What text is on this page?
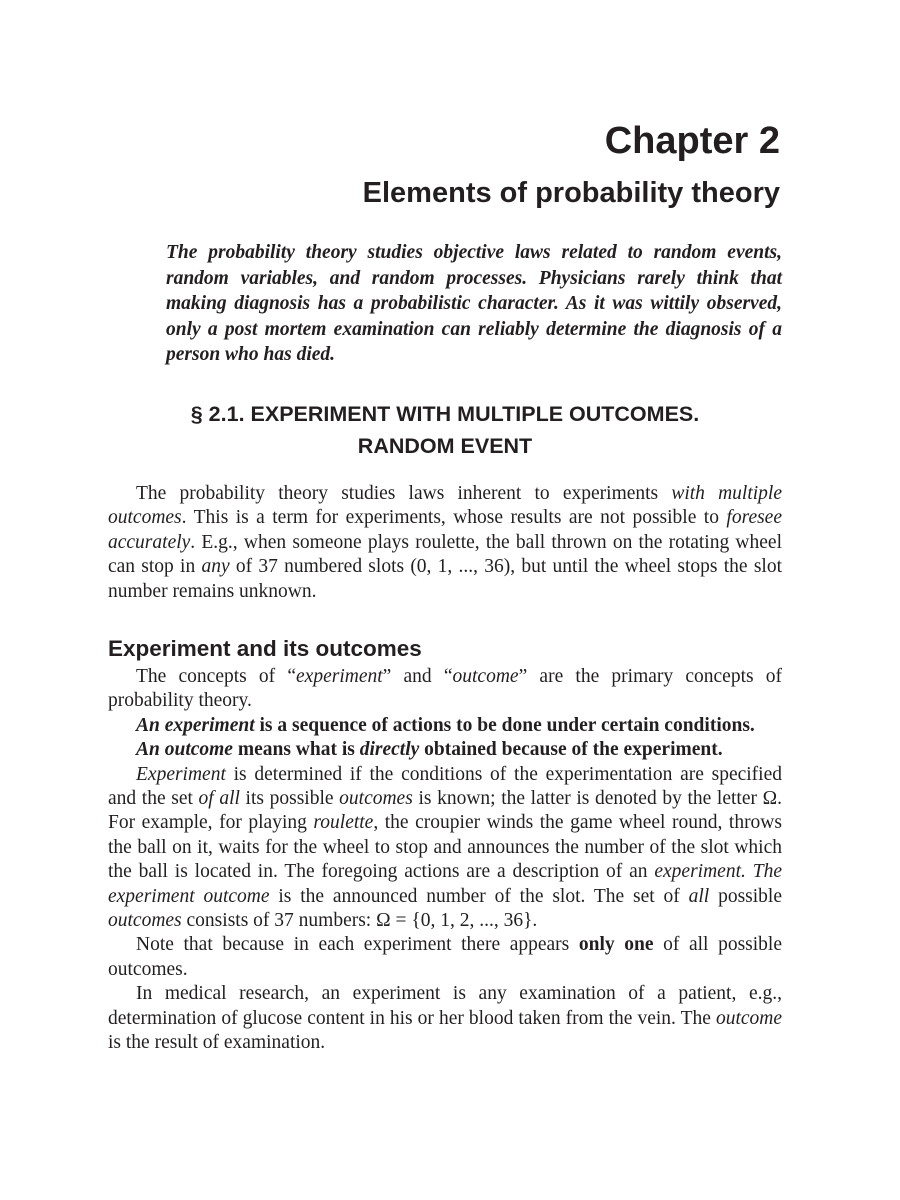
Chapter 2
Elements of probability theory

The probability theory studies objective laws related to random events, random variables, and random processes. Physicians rarely think that making diagnosis has a probabilistic character. As it was wittily observed, only a post mortem examination can reliably determine the diagnosis of a person who has died.

§ 2.1. EXPERIMENT WITH MULTIPLE OUTCOMES.
RANDOM EVENT

The probability theory studies laws inherent to experiments with multiple outcomes. This is a term for experiments, whose results are not possible to foresee accurately. E.g., when someone plays roulette, the ball thrown on the rotating wheel can stop in any of 37 numbered slots (0, 1, ..., 36), but until the wheel stops the slot number remains unknown.

Experiment and its outcomes

The concepts of “experiment” and “outcome” are the primary concepts of probability theory.

An experiment is a sequence of actions to be done under certain conditions.

An outcome means what is directly obtained because of the experiment.

Experiment is determined if the conditions of the experimentation are specified and the set of all its possible outcomes is known; the latter is denoted by the letter Ω. For example, for playing roulette, the croupier winds the game wheel round, throws the ball on it, waits for the wheel to stop and announces the number of the slot which the ball is located in. The foregoing actions are a description of an experiment. The experiment outcome is the announced number of the slot. The set of all possible outcomes consists of 37 numbers: Ω = {0, 1, 2, ..., 36}.

Note that because in each experiment there appears only one of all possible outcomes.

In medical research, an experiment is any examination of a patient, e.g., determination of glucose content in his or her blood taken from the vein. The outcome is the result of examination.
